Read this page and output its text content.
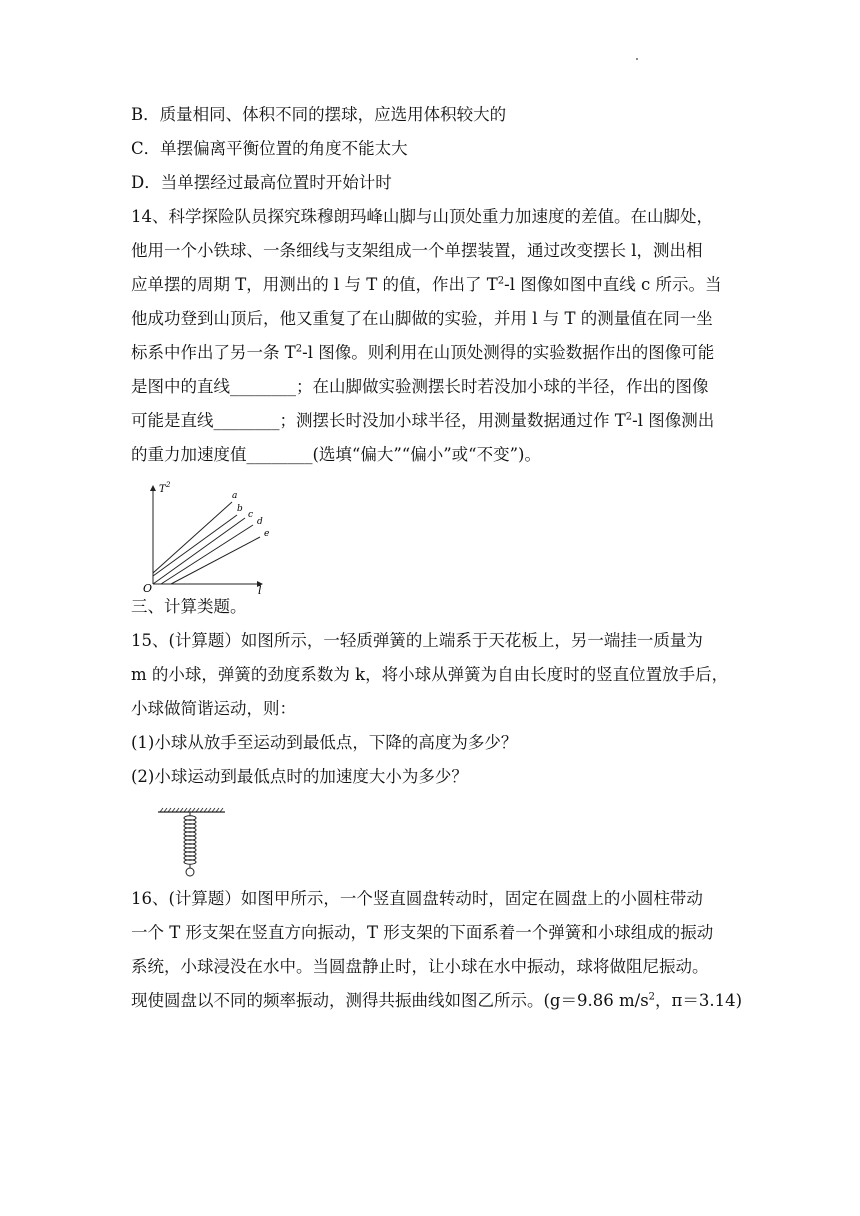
B．质量相同、体积不同的摆球，应选用体积较大的
C．单摆偏离平衡位置的角度不能太大
D．当单摆经过最高位置时开始计时
14、科学探险队员探究珠穆朗玛峰山脚与山顶处重力加速度的差值。在山脚处，
他用一个小铁球、一条细线与支架组成一个单摆装置，通过改变摆长 l，测出相
应单摆的周期 T，用测出的 l 与 T 的值，作出了 $T^2-l$ 图像如图中直线 c 所示。当
他成功登到山顶后，他又重复了在山脚做的实验，并用 l 与 T 的测量值在同一坐
标系中作出了另一条 $T^2-l$ 图像。则利用在山顶处测得的实验数据作出的图像可能
是图中的直线________；在山脚做实验测摆长时若没加小球的半径，作出的图像
可能是直线________；测摆长时没加小球半径，用测量数据通过作 $T^2-l$ 图像测出
的重力加速度值________(选填“偏大”“偏小”或“不变”)。
T 2
l
O
a
b
c
d
e
三、计算类题。
15、(计算题）如图所示，一轻质弹簧的上端系于天花板上，另一端挂一质量为
m 的小球，弹簧的劲度系数为 k，将小球从弹簧为自由长度时的竖直位置放手后，
小球做简谐运动，则：
(1)小球从放手至运动到最低点，下降的高度为多少？
(2)小球运动到最低点时的加速度大小为多少？
16、(计算题）如图甲所示，一个竖直圆盘转动时，固定在圆盘上的小圆柱带动
一个 T 形支架在竖直方向振动，T 形支架的下面系着一个弹簧和小球组成的振动
系统，小球浸没在水中。当圆盘静止时，让小球在水中振动，球将做阻尼振动。
现使圆盘以不同的频率振动，测得共振曲线如图乙所示。(g＝9.86 $m/s^2$，π＝3.14)
